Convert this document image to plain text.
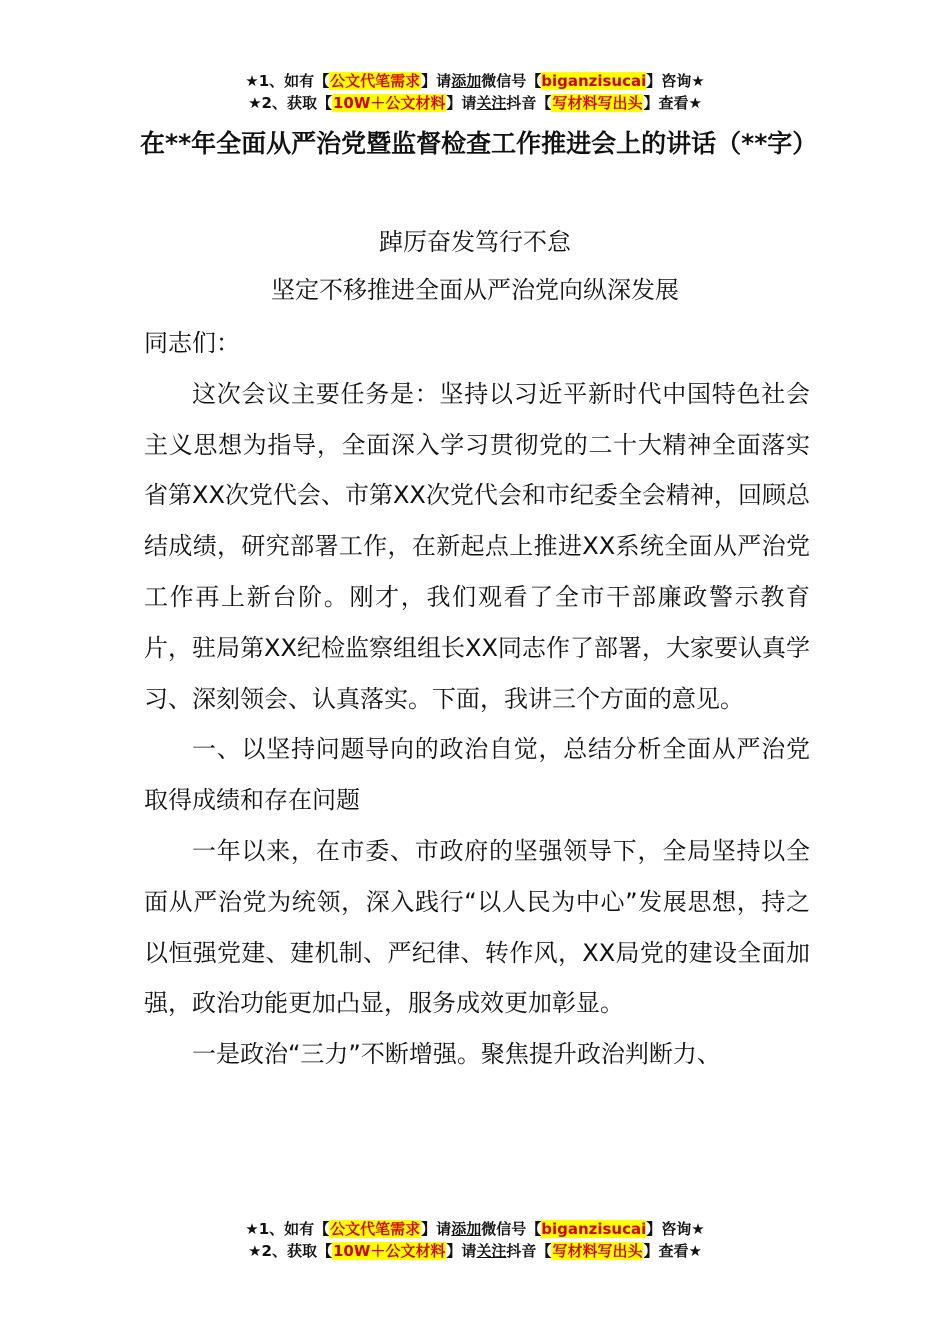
★1、如有【公文代笔需求】请添加微信号【biganzisucai】咨询★
★2、获取【10W＋公文材料】请关注抖音【写材料写出头】查看★
在**年全面从严治党暨监督检查工作推进会上的讲话（**字）
踔厉奋发笃行不怠
坚定不移推进全面从严治党向纵深发展

同志们：

这次会议主要任务是：坚持以习近平新时代中国特色社会主义思想为指导，全面深入学习贯彻党的二十大精神全面落实省第XX次党代会、市第XX次党代会和市纪委全会精神，回顾总结成绩，研究部署工作，在新起点上推进XX系统全面从严治党工作再上新台阶。刚才，我们观看了全市干部廉政警示教育片，驻局第XX纪检监察组组长XX同志作了部署，大家要认真学习、深刻领会、认真落实。下面，我讲三个方面的意见。

一、以坚持问题导向的政治自觉，总结分析全面从严治党取得成绩和存在问题

一年以来，在市委、市政府的坚强领导下，全局坚持以全面从严治党为统领，深入践行“以人民为中心”发展思想，持之以恒强党建、建机制、严纪律、转作风，XX局党的建设全面加强，政治功能更加凸显，服务成效更加彰显。

一是政治“三力”不断增强。聚焦提升政治判断力、

★1、如有【公文代笔需求】请添加微信号【biganzisucai】咨询★
★2、获取【10W＋公文材料】请关注抖音【写材料写出头】查看★
